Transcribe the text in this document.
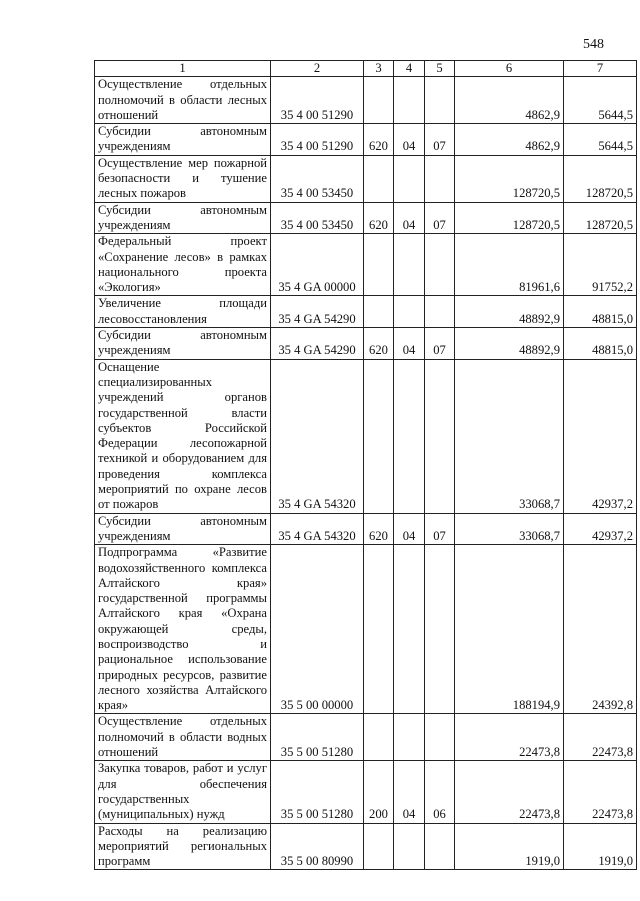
548
1	2	3	4	5	6	7
Осуществление отдельных полномочий в области лесных отношений	35 4 00 51290				4862,9	5644,5
Субсидии автономным учреждениям	35 4 00 51290	620	04	07	4862,9	5644,5
Осуществление мер пожарной безопасности и тушение лесных пожаров	35 4 00 53450				128720,5	128720,5
Субсидии автономным учреждениям	35 4 00 53450	620	04	07	128720,5	128720,5
Федеральный проект «Сохранение лесов» в рамках национального проекта «Экология»	35 4 GA 00000				81961,6	91752,2
Увеличение площади лесовосстановления	35 4 GA 54290				48892,9	48815,0
Субсидии автономным учреждениям	35 4 GA 54290	620	04	07	48892,9	48815,0
Оснащение специализированных учреждений органов государственной власти субъектов Российской Федерации лесопожарной техникой и оборудованием для проведения комплекса мероприятий по охране лесов от пожаров	35 4 GA 54320				33068,7	42937,2
Субсидии автономным учреждениям	35 4 GA 54320	620	04	07	33068,7	42937,2
Подпрограмма «Развитие водохозяйственного комплекса Алтайского края» государственной программы Алтайского края «Охрана окружающей среды, воспроизводство и рациональное использование природных ресурсов, развитие лесного хозяйства Алтайского края»	35 5 00 00000				188194,9	24392,8
Осуществление отдельных полномочий в области водных отношений	35 5 00 51280				22473,8	22473,8
Закупка товаров, работ и услуг для обеспечения государственных (муниципальных) нужд	35 5 00 51280	200	04	06	22473,8	22473,8
Расходы на реализацию мероприятий региональных программ	35 5 00 80990				1919,0	1919,0
